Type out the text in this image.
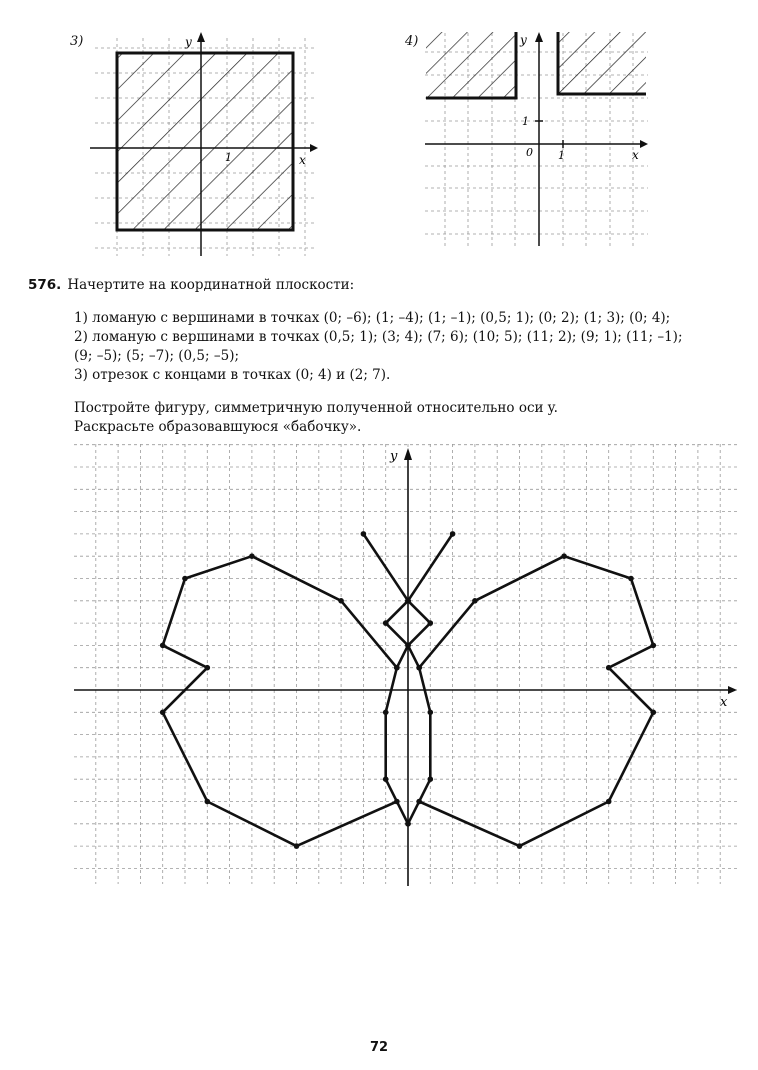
3)
x
y
1
4)
x
y
0 1
1
576. Начертите на координатной плоскости:
1) ломаную с вершинами в точках (0; –6); (1; –4); (1; –1); (0,5; 1); (0; 2); (1; 3); (0; 4);
2) ломаную с вершинами в точках (0,5; 1); (3; 4); (7; 6); (10; 5); (11; 2); (9; 1); (11; –1);
(9; –5); (5; –7); (0,5; –5);
3) отрезок с концами в точках (0; 4) и (2; 7).
Постройте фигуру, симметричную полученной относительно оси y.
Раскрасьте образовавшуюся «бабочку».
x
y
72
